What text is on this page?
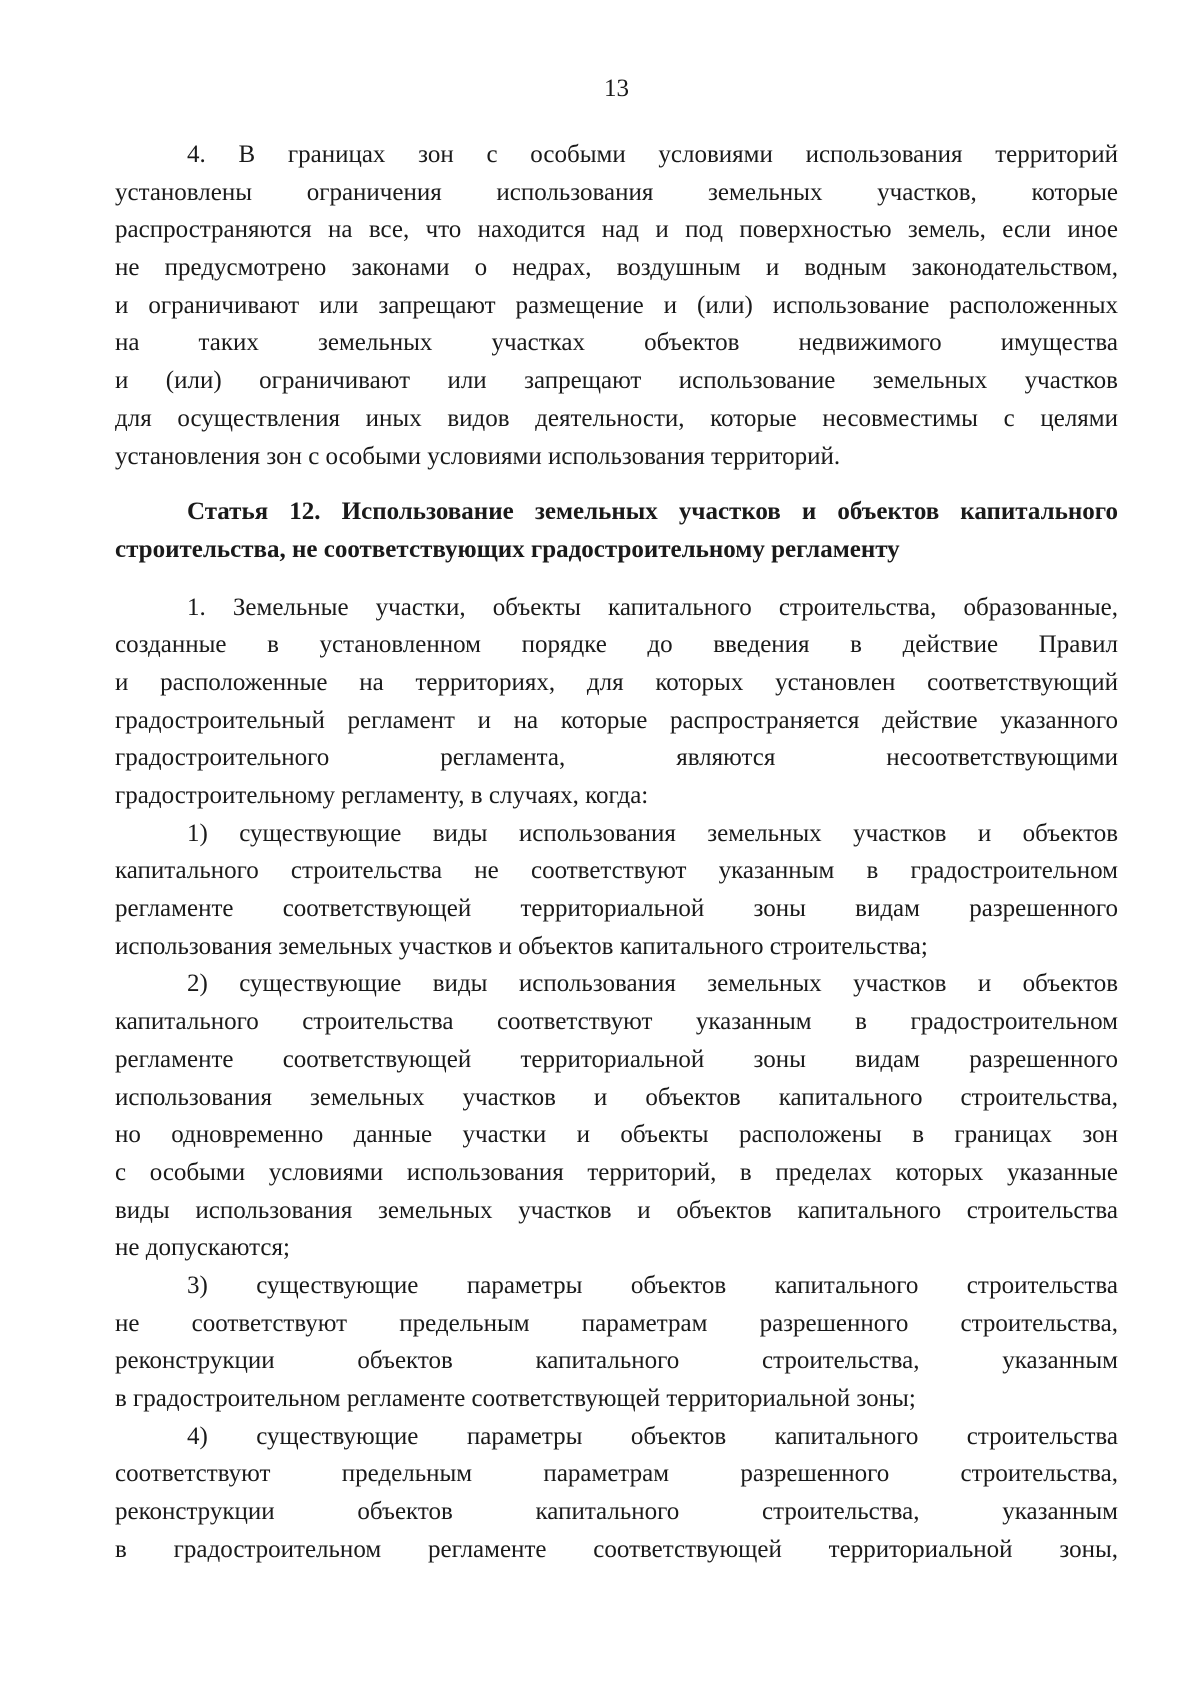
13
4. В границах зон с особыми условиями использования территорий
установлены ограничения использования земельных участков, которые
распространяются на все, что находится над и под поверхностью земель, если иное
не предусмотрено законами о недрах, воздушным и водным законодательством,
и ограничивают или запрещают размещение и (или) использование расположенных
на таких земельных участках объектов недвижимого имущества
и (или) ограничивают или запрещают использование земельных участков
для осуществления иных видов деятельности, которые несовместимы с целями
установления зон с особыми условиями использования территорий.
Статья 12. Использование земельных участков и объектов капитального
строительства, не соответствующих градостроительному регламенту
1. Земельные участки, объекты капитального строительства, образованные,
созданные в установленном порядке до введения в действие Правил
и расположенные на территориях, для которых установлен соответствующий
градостроительный регламент и на которые распространяется действие указанного
градостроительного регламента, являются несоответствующими
градостроительному регламенту, в случаях, когда:
1) существующие виды использования земельных участков и объектов
капитального строительства не соответствуют указанным в градостроительном
регламенте соответствующей территориальной зоны видам разрешенного
использования земельных участков и объектов капитального строительства;
2) существующие виды использования земельных участков и объектов
капитального строительства соответствуют указанным в градостроительном
регламенте соответствующей территориальной зоны видам разрешенного
использования земельных участков и объектов капитального строительства,
но одновременно данные участки и объекты расположены в границах зон
с особыми условиями использования территорий, в пределах которых указанные
виды использования земельных участков и объектов капитального строительства
не допускаются;
3) существующие параметры объектов капитального строительства
не соответствуют предельным параметрам разрешенного строительства,
реконструкции объектов капитального строительства, указанным
в градостроительном регламенте соответствующей территориальной зоны;
4) существующие параметры объектов капитального строительства
соответствуют предельным параметрам разрешенного строительства,
реконструкции объектов капитального строительства, указанным
в градостроительном регламенте соответствующей территориальной зоны,
